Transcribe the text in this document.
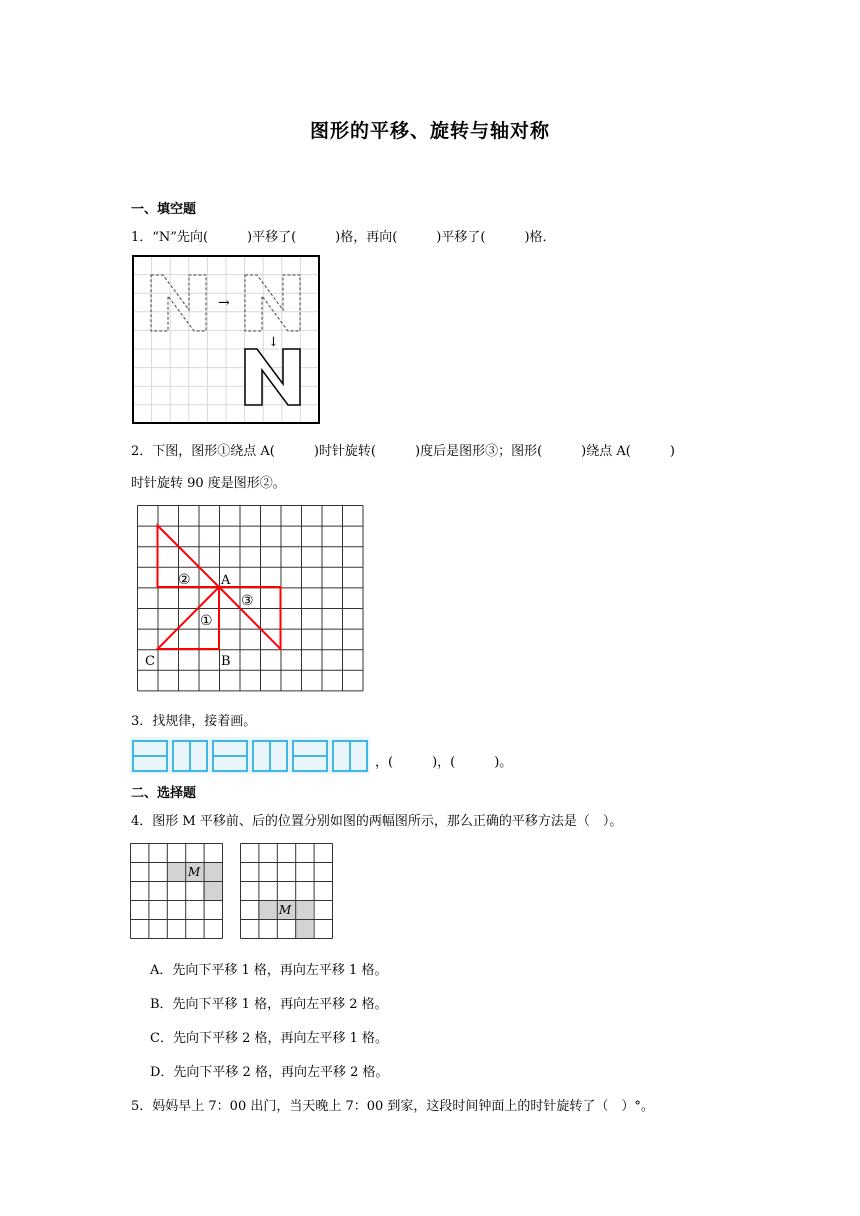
图形的平移、旋转与轴对称
一、填空题
1．“N”先向(　　　)平移了(　　　)格，再向(　　　)平移了(　　　)格．
→
↓
2．下图，图形①绕点 A(　　　)时针旋转(　　　)度后是图形③；图形(　　　)绕点 A(　　　)
时针旋转 90 度是图形②。
② A
③
①
C	B
3．找规律，接着画。
，(　　　)，(　　　)。
二、选择题
4．图形 M 平移前、后的位置分别如图的两幅图所示，那么正确的平移方法是（　）。
M
M
A．先向下平移 1 格，再向左平移 1 格。
B．先向下平移 1 格，再向左平移 2 格。
C．先向下平移 2 格，再向左平移 1 格。
D．先向下平移 2 格，再向左平移 2 格。
5．妈妈早上 7：00 出门，当天晚上 7：00 到家，这段时间钟面上的时针旋转了（　）°。
